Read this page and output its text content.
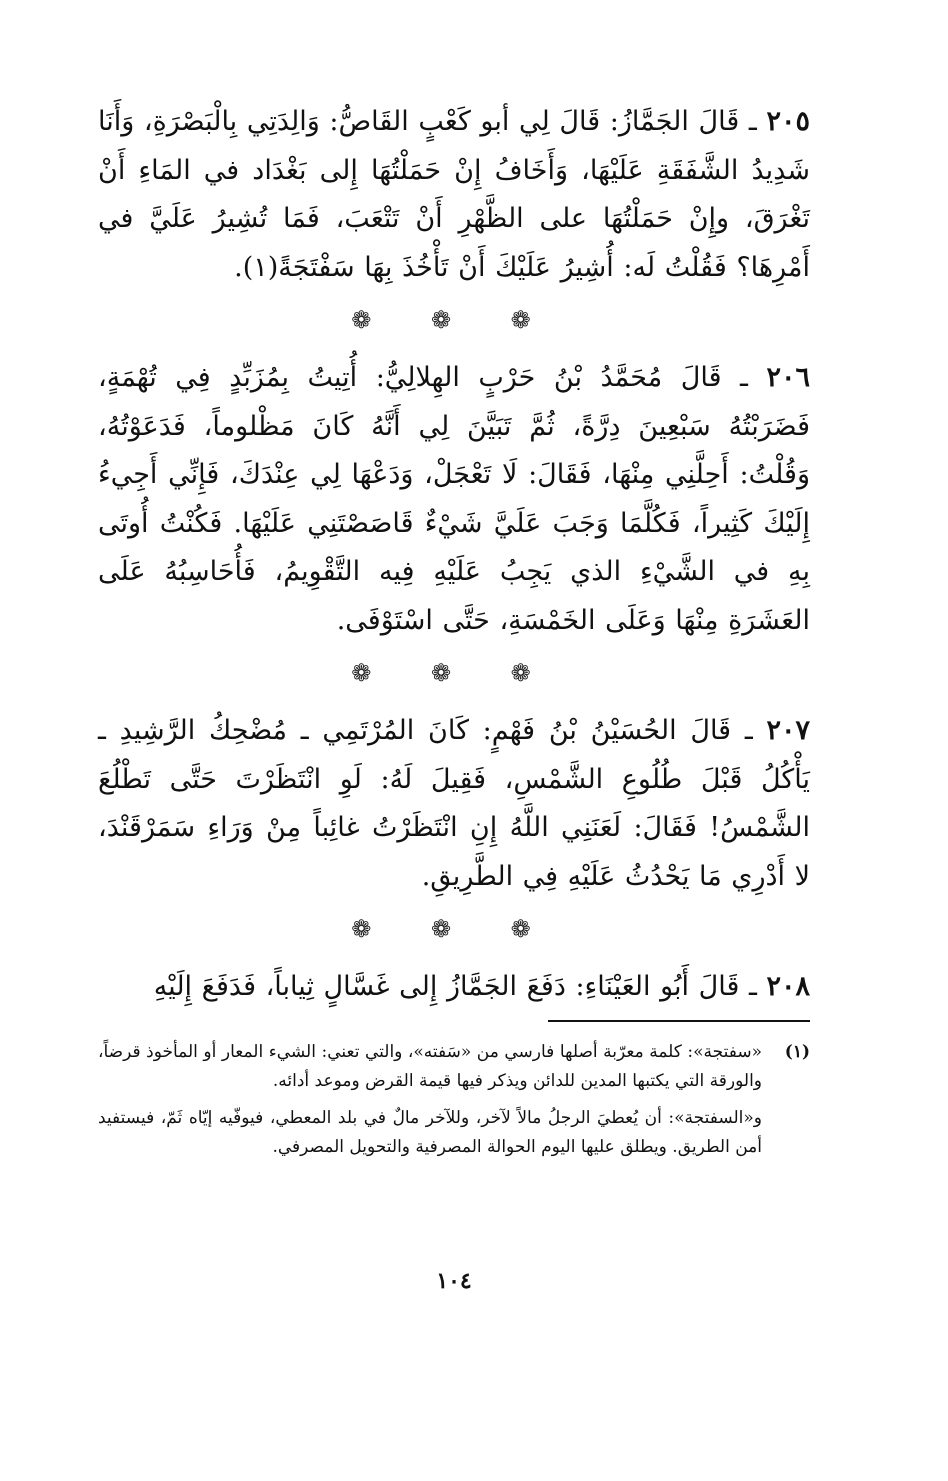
٢٠٥ ـ قَالَ الجَمَّازُ: قَالَ لِي أبو كَعْبٍ القَاصُّ: وَالِدَتِي بِالْبَصْرَةِ، وَأَنَا شَدِيدُ الشَّفَقَةِ عَلَيْهَا، وَأَخَافُ إِنْ حَمَلْتُهَا إِلى بَغْدَاد في المَاءِ أَنْ تَغْرَقَ، وإِنْ حَمَلْتُهَا على الظَّهْرِ أَنْ تَتْعَبَ، فَمَا تُشِيرُ عَلَيَّ في أَمْرِهَا؟ فَقُلْتُ لَه: أُشِيرُ عَلَيْكَ أَنْ تَأْخُذَ بِهَا سَفْتَجَةً(١).

❁ ❁ ❁

٢٠٦ ـ قَالَ مُحَمَّدُ بْنُ حَرْبٍ الهِلالِيُّ: أُتِيتُ بِمُزَبِّدٍ فِي تُهْمَةٍ، فَضَرَبْتُهُ سَبْعِينَ دِرَّةً، ثُمَّ تَبَيَّنَ لِي أَنَّهُ كَانَ مَظْلوماً، فَدَعَوْتُهُ، وَقُلْتُ: أَحِلَّنِي مِنْهَا، فَقَالَ: لَا تَعْجَلْ، وَدَعْهَا لِي عِنْدَكَ، فَإِنِّي أَجِيءُ إِلَيْكَ كَثِيراً، فَكُلَّمَا وَجَبَ عَلَيَّ شَيْءٌ قَاصَصْتَنِي عَلَيْهَا. فَكُنْتُ أُوتَى بِهِ في الشَّيْءِ الذي يَجِبُ عَلَيْهِ فِيه التَّقْوِيمُ، فَأُحَاسِبُهُ عَلَى العَشَرَةِ مِنْهَا وَعَلَى الخَمْسَةِ، حَتَّى اسْتَوْفَى.

❁ ❁ ❁

٢٠٧ ـ قَالَ الحُسَيْنُ بْنُ فَهْمٍ: كَانَ المُرْتَمِي ـ مُضْحِكُ الرَّشِيدِ ـ يَأْكُلُ قَبْلَ طُلُوعِ الشَّمْسِ، فَقِيلَ لَهُ: لَوِ انْتَظَرْتَ حَتَّى تَطْلُعَ الشَّمْسُ! فَقَالَ: لَعَنَنِي اللَّهُ إِنِ انْتَظَرْتُ غائِباً مِنْ وَرَاءِ سَمَرْقَنْدَ، لا أَدْرِي مَا يَحْدُثُ عَلَيْهِ فِي الطَّرِيقِ.

❁ ❁ ❁

٢٠٨ ـ قَالَ أَبُو العَيْنَاءِ: دَفَعَ الجَمَّازُ إِلى غَسَّالٍ ثِياباً، فَدَفَعَ إِلَيْهِ

(١)
«سفتجة»: كلمة معرّبة أصلها فارسي من «سَفته»، والتي تعني: الشيء المعار أو المأخوذ قرضاً، والورقة التي يكتبها المدين للدائن ويذكر فيها قيمة القرض وموعد أدائه.

و«السفتجة»: أن يُعطيَ الرجلُ مالاً لآخر، وللآخر مالٌ في بلد المعطي، فيوفّيه إيّاه ثَمّ، فيستفيد أمن الطريق. ويطلق عليها اليوم الحوالة المصرفية والتحويل المصرفي.

١٠٤
